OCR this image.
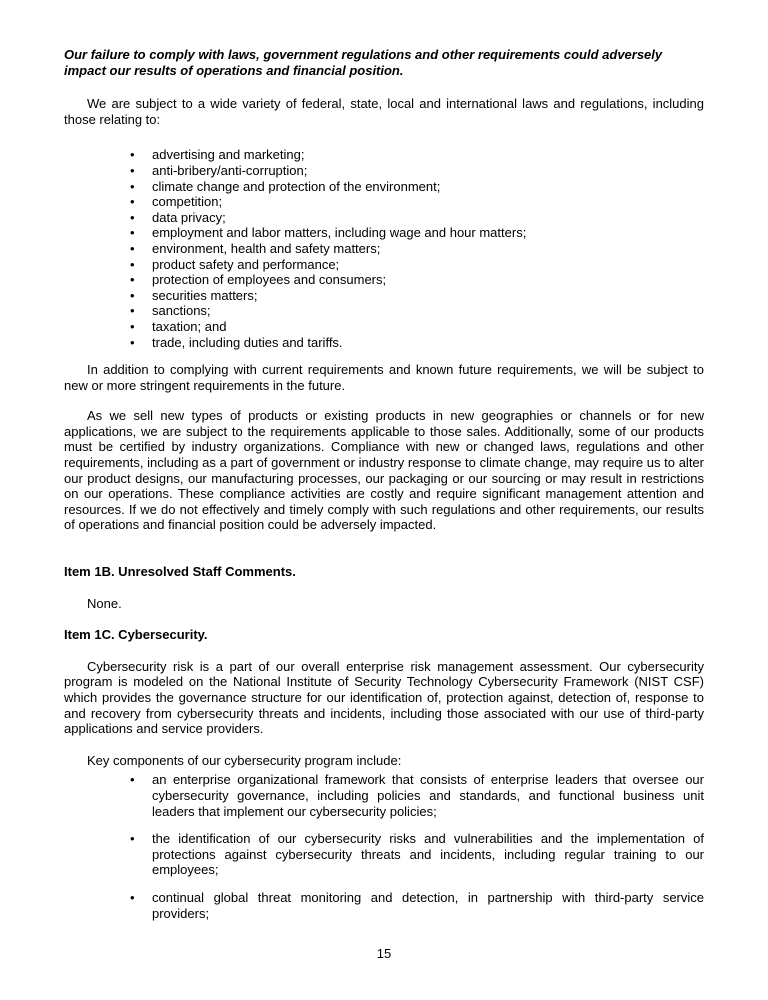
Our failure to comply with laws, government regulations and other requirements could adversely impact our results of operations and financial position.

We are subject to a wide variety of federal, state, local and international laws and regulations, including those relating to:

• advertising and marketing;
• anti-bribery/anti-corruption;
• climate change and protection of the environment;
• competition;
• data privacy;
• employment and labor matters, including wage and hour matters;
• environment, health and safety matters;
• product safety and performance;
• protection of employees and consumers;
• securities matters;
• sanctions;
• taxation; and
• trade, including duties and tariffs.

In addition to complying with current requirements and known future requirements, we will be subject to new or more stringent requirements in the future.

As we sell new types of products or existing products in new geographies or channels or for new applications, we are subject to the requirements applicable to those sales. Additionally, some of our products must be certified by industry organizations. Compliance with new or changed laws, regulations and other requirements, including as a part of government or industry response to climate change, may require us to alter our product designs, our manufacturing processes, our packaging or our sourcing or may result in restrictions on our operations. These compliance activities are costly and require significant management attention and resources. If we do not effectively and timely comply with such regulations and other requirements, our results of operations and financial position could be adversely impacted.

Item 1B. Unresolved Staff Comments.

None.

Item 1C. Cybersecurity.

Cybersecurity risk is a part of our overall enterprise risk management assessment. Our cybersecurity program is modeled on the National Institute of Security Technology Cybersecurity Framework (NIST CSF) which provides the governance structure for our identification of, protection against, detection of, response to and recovery from cybersecurity threats and incidents, including those associated with our use of third-party applications and service providers.

Key components of our cybersecurity program include:

• an enterprise organizational framework that consists of enterprise leaders that oversee our cybersecurity governance, including policies and standards, and functional business unit leaders that implement our cybersecurity policies;
• the identification of our cybersecurity risks and vulnerabilities and the implementation of protections against cybersecurity threats and incidents, including regular training to our employees;
• continual global threat monitoring and detection, in partnership with third-party service providers;
15
